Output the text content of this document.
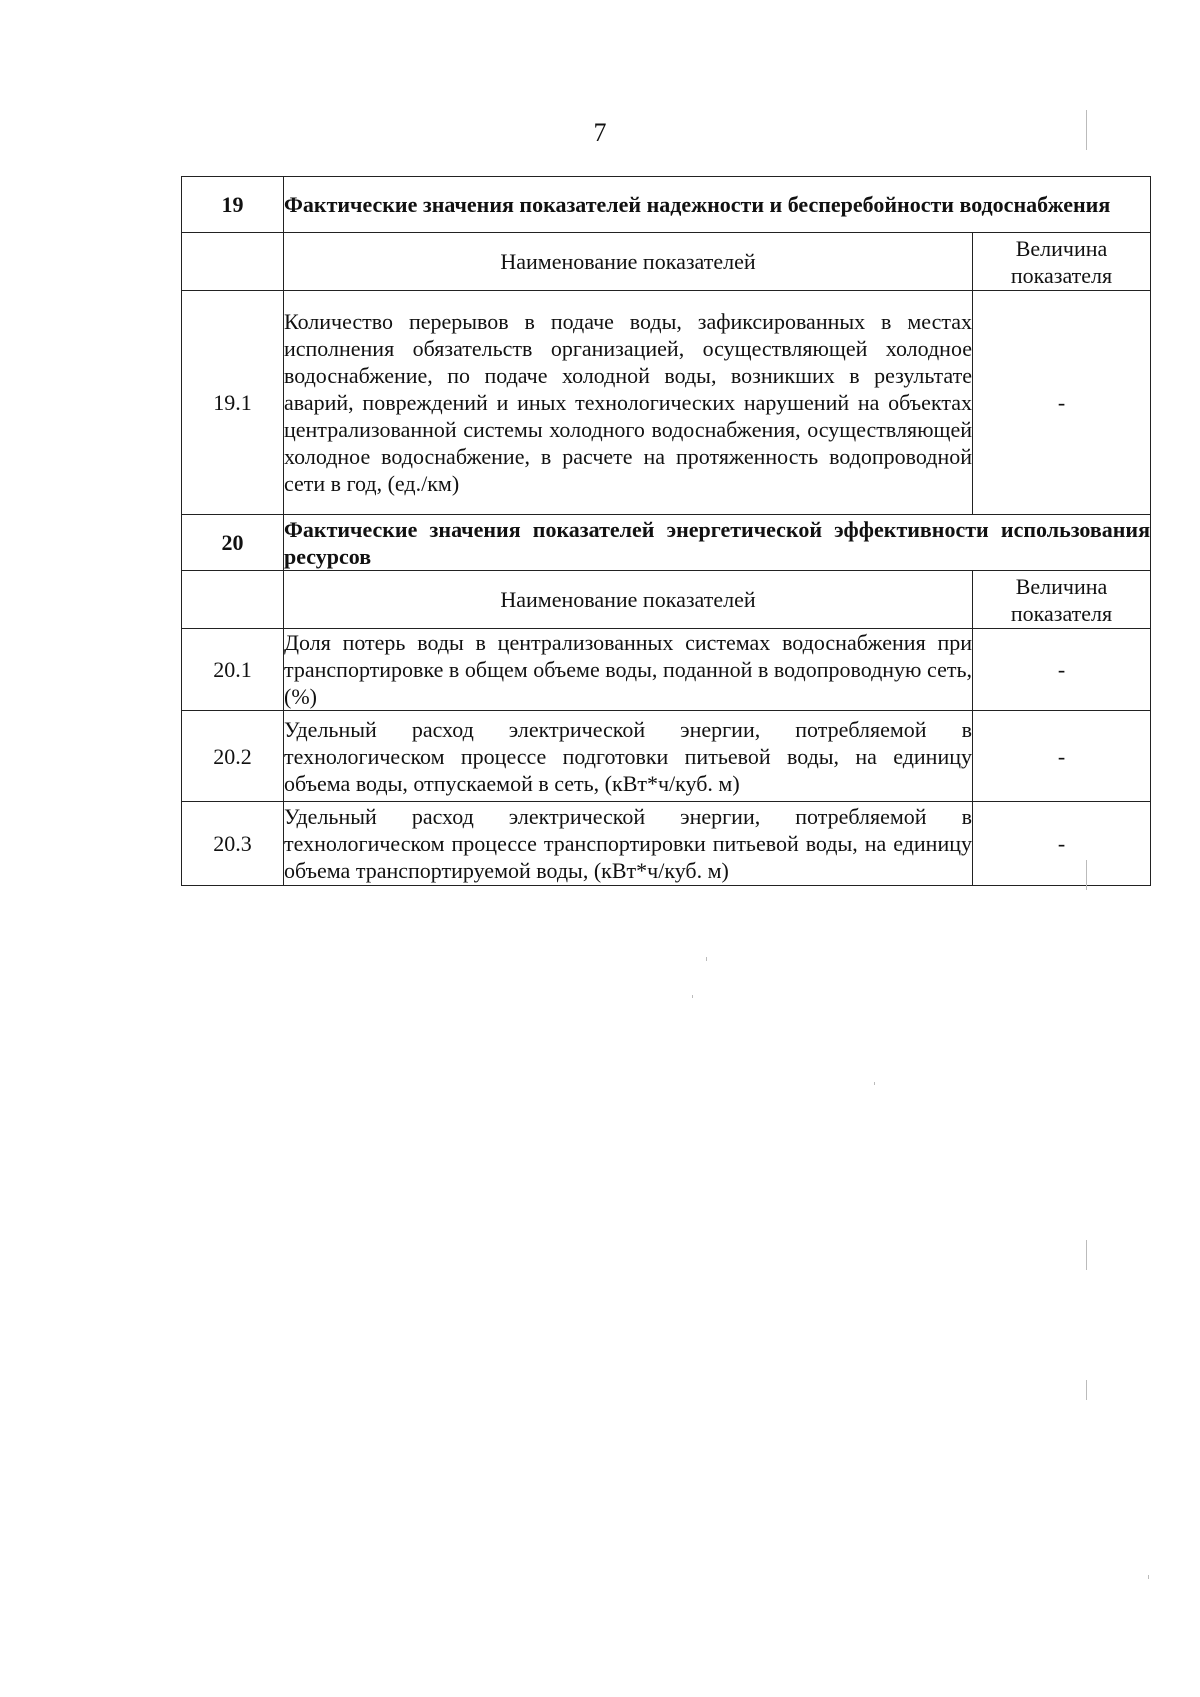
7
19	Фактические значения показателей надежности и бесперебойности водоснабжения	
	Наименование показателей	Величина показателя
19.1	Количество перерывов в подаче воды, зафиксированных в местах исполнения обязательств организацией, осуществляющей холодное водоснабжение, по подаче холодной воды, возникших в результате аварий, повреждений и иных технологических нарушений на объектах централизованной системы холодного водоснабжения, осуществляющей холодное водоснабжение, в расчете на протяженность водопроводной сети в год, (ед./км)	-
20	Фактические значения показателей энергетической эффективности использования ресурсов	
	Наименование показателей	Величина показателя
20.1	Доля потерь воды в централизованных системах водоснабжения при транспортировке в общем объеме воды, поданной в водопроводную сеть, (%)	-
20.2	Удельный расход электрической энергии, потребляемой в технологическом процессе подготовки питьевой воды, на единицу объема воды, отпускаемой в сеть, (кВт*ч/куб. м)	-
20.3	Удельный расход электрической энергии, потребляемой в технологическом процессе транспортировки питьевой воды, на единицу объема транспортируемой воды, (кВт*ч/куб. м)	-
